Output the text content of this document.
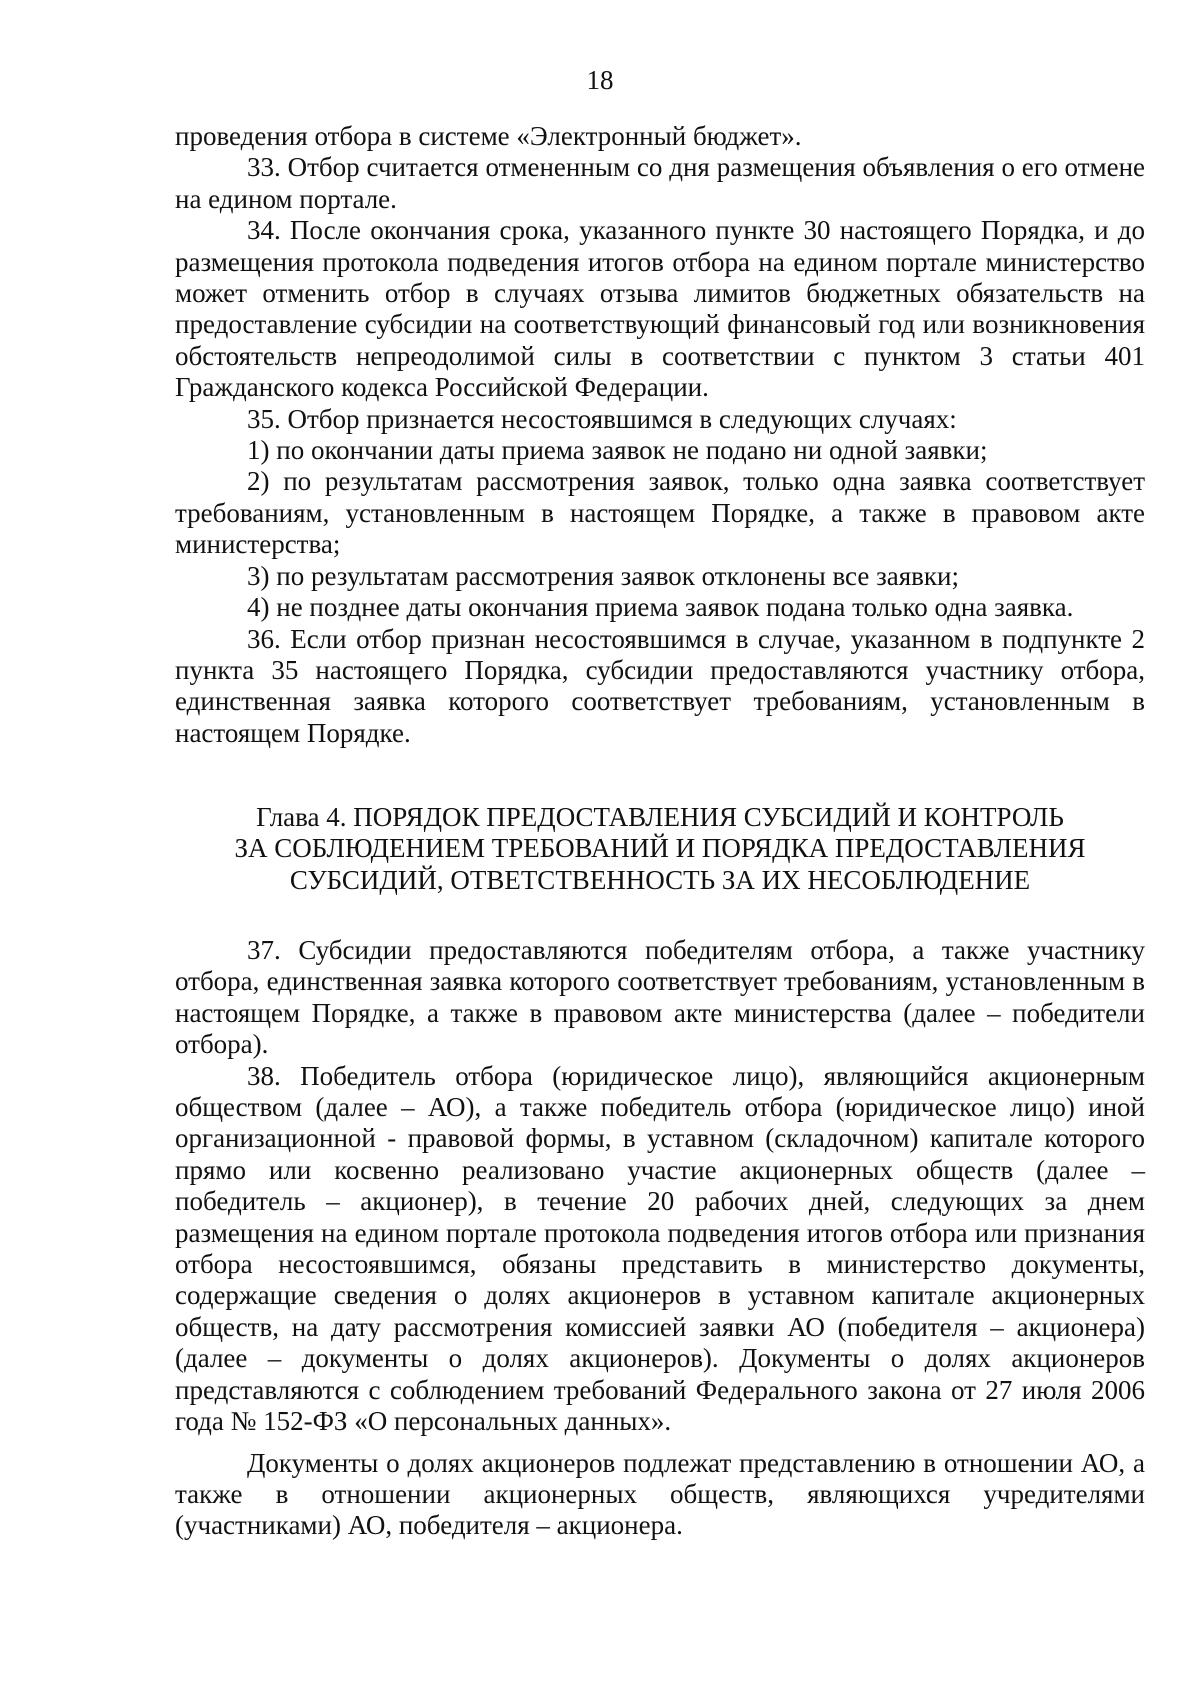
18

проведения отбора в системе «Электронный бюджет».

33. Отбор считается отмененным со дня размещения объявления о его отмене на едином портале.

34. После окончания срока, указанного пункте 30 настоящего Порядка, и до размещения протокола подведения итогов отбора на едином портале министерство может отменить отбор в случаях отзыва лимитов бюджетных обязательств на предоставление субсидии на соответствующий финансовый год или возникновения обстоятельств непреодолимой силы в соответствии с пунктом 3 статьи 401 Гражданского кодекса Российской Федерации.

35. Отбор признается несостоявшимся в следующих случаях:

1) по окончании даты приема заявок не подано ни одной заявки;

2) по результатам рассмотрения заявок, только одна заявка соответствует требованиям, установленным в настоящем Порядке, а также в правовом акте министерства;

3) по результатам рассмотрения заявок отклонены все заявки;

4) не позднее даты окончания приема заявок подана только одна заявка.

36. Если отбор признан несостоявшимся в случае, указанном в подпункте 2 пункта 35 настоящего Порядка, субсидии предоставляются участнику отбора, единственная заявка которого соответствует требованиям, установленным в настоящем Порядке.

Глава 4. ПОРЯДОК ПРЕДОСТАВЛЕНИЯ СУБСИДИЙ И КОНТРОЛЬ
ЗА СОБЛЮДЕНИЕМ ТРЕБОВАНИЙ И ПОРЯДКА ПРЕДОСТАВЛЕНИЯ
СУБСИДИЙ, ОТВЕТСТВЕННОСТЬ ЗА ИХ НЕСОБЛЮДЕНИЕ

37. Субсидии предоставляются победителям отбора, а также участнику отбора, единственная заявка которого соответствует требованиям, установленным в настоящем Порядке, а также в правовом акте министерства (далее – победители отбора).

38. Победитель отбора (юридическое лицо), являющийся акционерным обществом (далее – АО), а также победитель отбора (юридическое лицо) иной организационной - правовой формы, в уставном (складочном) капитале которого прямо или косвенно реализовано участие акционерных обществ (далее – победитель – акционер), в течение 20 рабочих дней, следующих за днем размещения на едином портале протокола подведения итогов отбора или признания отбора несостоявшимся, обязаны представить в министерство документы, содержащие сведения о долях акционеров в уставном капитале акционерных обществ, на дату рассмотрения комиссией заявки АО (победителя – акционера) (далее – документы о долях акционеров). Документы о долях акционеров представляются с соблюдением требований Федерального закона от 27 июля 2006 года № 152-ФЗ «О персональных данных».

Документы о долях акционеров подлежат представлению в отношении АО, а также в отношении акционерных обществ, являющихся учредителями (участниками) АО, победителя – акционера.
